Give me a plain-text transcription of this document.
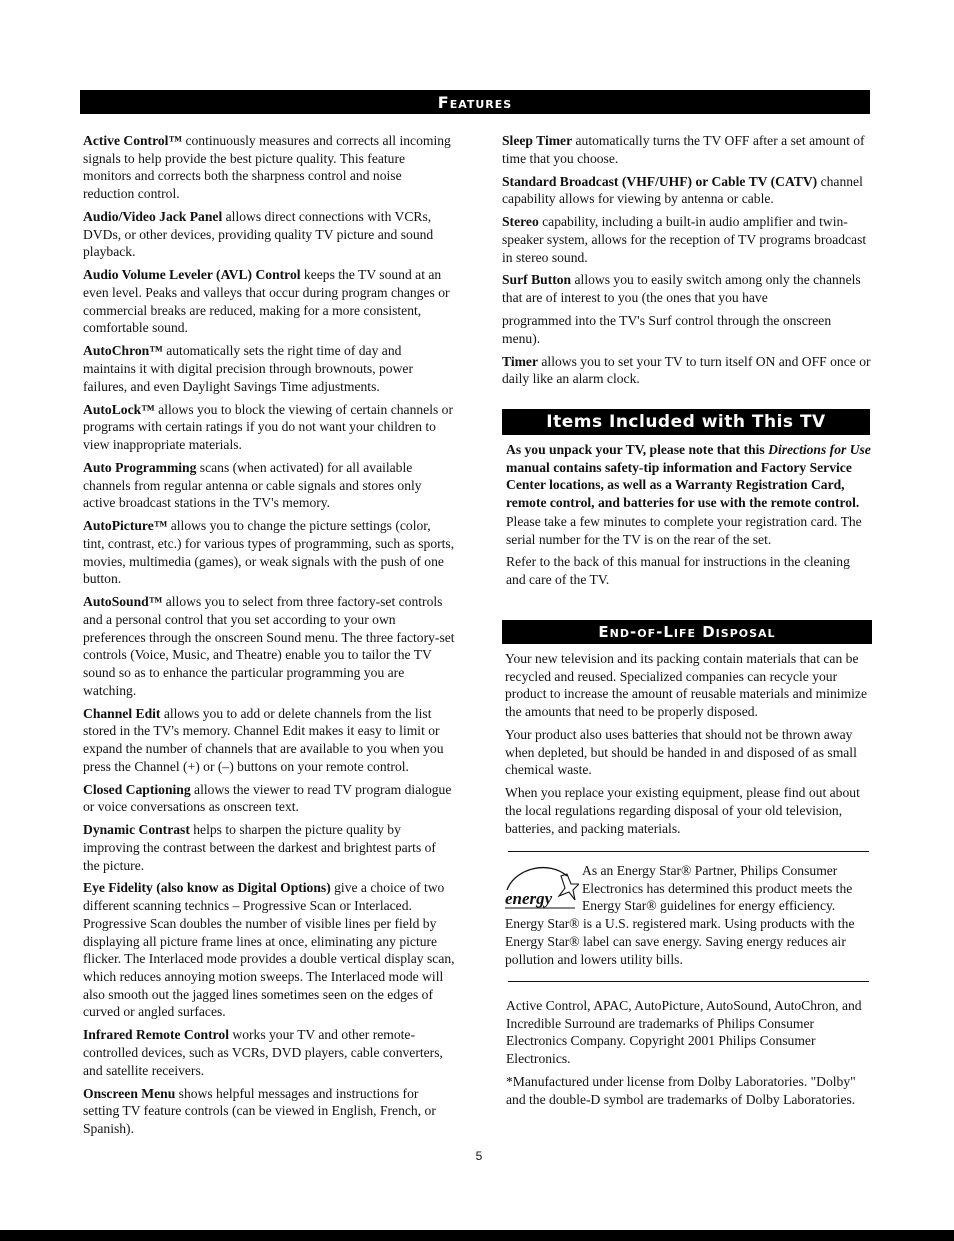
Features

Active Control™ continuously measures and corrects all incoming signals to help provide the best picture quality. This feature monitors and corrects both the sharpness control and noise reduction control.

Audio/Video Jack Panel allows direct connections with VCRs, DVDs, or other devices, providing quality TV picture and sound playback.

Audio Volume Leveler (AVL) Control keeps the TV sound at an even level. Peaks and valleys that occur during program changes or commercial breaks are reduced, making for a more consistent, comfortable sound.

AutoChron™ automatically sets the right time of day and maintains it with digital precision through brownouts, power failures, and even Daylight Savings Time adjustments.

AutoLock™ allows you to block the viewing of certain channels or programs with certain ratings if you do not want your children to view inappropriate materials.

Auto Programming scans (when activated) for all available channels from regular antenna or cable signals and stores only active broadcast stations in the TV's memory.

AutoPicture™ allows you to change the picture settings (color, tint, contrast, etc.) for various types of programming, such as sports, movies, multimedia (games), or weak signals with the push of one button.

AutoSound™ allows you to select from three factory-set controls and a personal control that you set according to your own preferences through the onscreen Sound menu. The three factory-set controls (Voice, Music, and Theatre) enable you to tailor the TV sound so as to enhance the particular programming you are watching.

Channel Edit allows you to add or delete channels from the list stored in the TV's memory. Channel Edit makes it easy to limit or expand the number of channels that are available to you when you press the Channel (+) or (–) buttons on your remote control.

Closed Captioning allows the viewer to read TV program dialogue or voice conversations as onscreen text.

Dynamic Contrast helps to sharpen the picture quality by improving the contrast between the darkest and brightest parts of the picture.

Eye Fidelity (also know as Digital Options) give a choice of two different scanning technics – Progressive Scan or Interlaced. Progressive Scan doubles the number of visible lines per field by displaying all picture frame lines at once, eliminating any picture flicker. The Interlaced mode provides a double vertical display scan, which reduces annoying motion sweeps. The Interlaced mode will also smooth out the jagged lines sometimes seen on the edges of curved or angled surfaces.

Infrared Remote Control works your TV and other remote-controlled devices, such as VCRs, DVD players, cable converters, and satellite receivers.

Onscreen Menu shows helpful messages and instructions for setting TV feature controls (can be viewed in English, French, or Spanish).

Sleep Timer automatically turns the TV OFF after a set amount of time that you choose.

Standard Broadcast (VHF/UHF) or Cable TV (CATV) channel capability allows for viewing by antenna or cable.

Stereo capability, including a built-in audio amplifier and twin-speaker system, allows for the reception of TV programs broadcast in stereo sound.

Surf Button allows you to easily switch among only the channels that are of interest to you (the ones that you have

programmed into the TV's Surf control through the onscreen menu).

Timer allows you to set your TV to turn itself ON and OFF once or daily like an alarm clock.

Items Included with This TV

As you unpack your TV, please note that this Directions for Use manual contains safety-tip information and Factory Service Center locations, as well as a Warranty Registration Card, remote control, and batteries for use with the remote control.

Please take a few minutes to complete your registration card. The serial number for the TV is on the rear of the set.

Refer to the back of this manual for instructions in the cleaning and care of the TV.

End-of-Life Disposal

Your new television and its packing contain materials that can be recycled and reused. Specialized companies can recycle your product to increase the amount of reusable materials and minimize the amounts that need to be properly disposed.

Your product also uses batteries that should not be thrown away when depleted, but should be handed in and disposed of as small chemical waste.

When you replace your existing equipment, please find out about the local regulations regarding disposal of your old television, batteries, and packing materials.

energy
As an Energy Star® Partner, Philips Consumer Electronics has determined this product meets the Energy Star® guidelines for energy efficiency. Energy Star® is a U.S. registered mark. Using products with the Energy Star® label can save energy. Saving energy reduces air pollution and lowers utility bills.

Active Control, APAC, AutoPicture, AutoSound, AutoChron, and Incredible Surround are trademarks of Philips Consumer Electronics Company. Copyright 2001 Philips Consumer Electronics.

*Manufactured under license from Dolby Laboratories. "Dolby" and the double-D symbol are trademarks of Dolby Laboratories.

5
